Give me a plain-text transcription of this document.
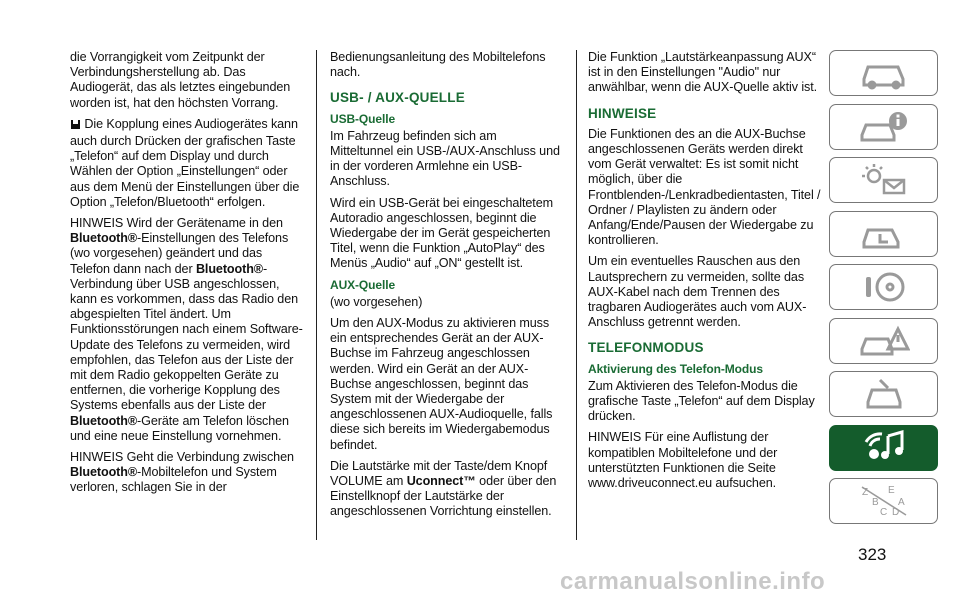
die Vorrangigkeit vom Zeitpunkt der Verbindungsherstellung ab. Das Audiogerät, das als letztes eingebunden worden ist, hat den höchsten Vorrang.

Die Kopplung eines Audiogerätes kann auch durch Drücken der grafischen Taste „Telefon“ auf dem Display und durch Wählen der Option „Einstellungen“ oder aus dem Menü der Einstellungen über die Option „Telefon/Bluetooth“ erfolgen.

HINWEIS Wird der Gerätename in den Bluetooth®-Einstellungen des Telefons (wo vorgesehen) geändert und das Telefon dann nach der Bluetooth®-Verbindung über USB angeschlossen, kann es vorkommen, dass das Radio den abgespielten Titel ändert. Um Funktionsstörungen nach einem Software-Update des Telefons zu vermeiden, wird empfohlen, das Telefon aus der Liste der mit dem Radio gekoppelten Geräte zu entfernen, die vorherige Kopplung des Systems ebenfalls aus der Liste der Bluetooth®-Geräte am Telefon löschen und eine neue Einstellung vornehmen.

HINWEIS Geht die Verbindung zwischen Bluetooth®-Mobiltelefon und System verloren, schlagen Sie in der

Bedienungsanleitung des Mobiltelefons nach.

USB- / AUX-QUELLE
USB-Quelle

Im Fahrzeug befinden sich am Mitteltunnel ein USB-/AUX-Anschluss und in der vorderen Armlehne ein USB-Anschluss.

Wird ein USB-Gerät bei eingeschaltetem Autoradio angeschlossen, beginnt die Wiedergabe der im Gerät gespeicherten Titel, wenn die Funktion „AutoPlay“ des Menüs „Audio“ auf „ON“ gestellt ist.

AUX-Quelle

(wo vorgesehen)

Um den AUX-Modus zu aktivieren muss ein entsprechendes Gerät an der AUX-Buchse im Fahrzeug angeschlossen werden. Wird ein Gerät an der AUX-Buchse angeschlossen, beginnt das System mit der Wiedergabe der angeschlossenen AUX-Audioquelle, falls diese sich bereits im Wiedergabemodus befindet.

Die Lautstärke mit der Taste/dem Knopf VOLUME am Uconnect™ oder über den Einstellknopf der Lautstärke der angeschlossenen Vorrichtung einstellen.

Die Funktion „Lautstärkeanpassung AUX“ ist in den Einstellungen "Audio" nur anwählbar, wenn die AUX-Quelle aktiv ist.

HINWEISE

Die Funktionen des an die AUX-Buchse angeschlossenen Geräts werden direkt vom Gerät verwaltet: Es ist somit nicht möglich, über die Frontblenden-/Lenkradbedientasten, Titel / Ordner / Playlisten zu ändern oder Anfang/Ende/Pausen der Wiedergabe zu kontrollieren.

Um ein eventuelles Rauschen aus den Lautsprechern zu vermeiden, sollte das AUX-Kabel nach dem Trennen des tragbaren Audiogerätes auch vom AUX-Anschluss getrennt werden.

TELEFONMODUS
Aktivierung des Telefon-Modus

Zum Aktivieren des Telefon-Modus die grafische Taste „Telefon“ auf dem Display drücken.

HINWEIS Für eine Auflistung der kompatiblen Mobiltelefone und der unterstützten Funktionen die Seite www.driveuconnect.eu aufsuchen.

Z E
B A
C D
323
carmanualsonline.info
